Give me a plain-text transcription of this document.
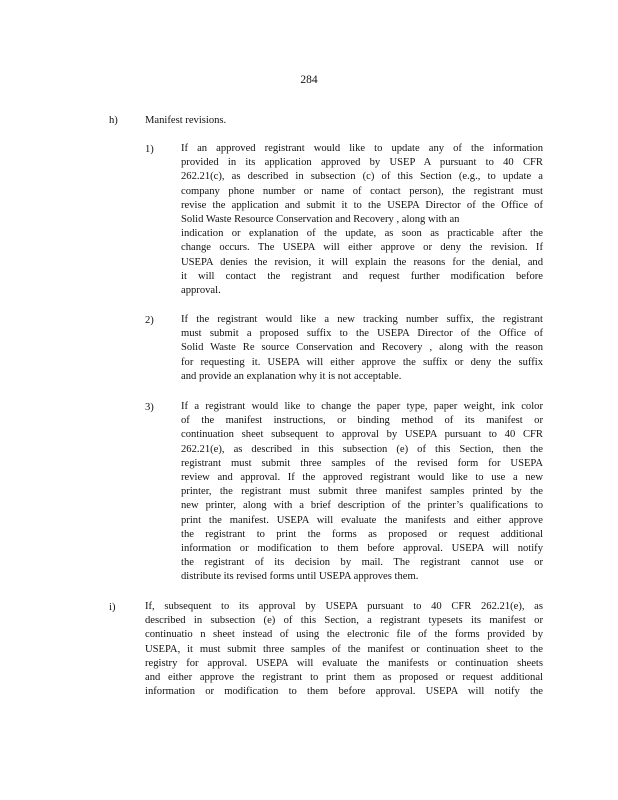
284
h)	Manifest revisions.
1)	If an approved registrant would like to update any of the information
provided in its application approved by USEP A pursuant to 40 CFR
262.21(c), as described in subsection (c) of this Section (e.g., to update a
company phone number or name of contact person), the registrant must
revise the application and submit it to the USEPA Director of the Office of
Solid Waste Resource Conservation and Recovery , along with an
indication or explanation of the update, as soon as practicable after the
change occurs. The USEPA will either approve or deny the revision. If
USEPA denies the revision, it will explain the reasons for the denial, and
it will contact the registrant and request further modification before
approval.
2)	If the registrant would like a new tracking number suffix, the registrant
must submit a proposed suffix to the USEPA Director of the Office of
Solid Waste Re source Conservation and Recovery , along with the reason
for requesting it. USEPA will either approve the suffix or deny the suffix
and provide an explanation why it is not acceptable.
3)	If a registrant would like to change the paper type, paper weight, ink color
of the manifest instructions, or binding method of its manifest or
continuation sheet subsequent to approval by USEPA pursuant to 40 CFR
262.21(e), as described in this subsection (e) of this Section, then the
registrant must submit three samples of the revised form for USEPA
review and approval. If the approved registrant would like to use a new
printer, the registrant must submit three manifest samples printed by the
new printer, along with a brief description of the printer’s qualifications to
print the manifest. USEPA will evaluate the manifests and either approve
the registrant to print the forms as proposed or request additional
information or modification to them before approval. USEPA will notify
the registrant of its decision by mail. The registrant cannot use or
distribute its revised forms until USEPA approves them.
i)	If, subsequent to its approval by USEPA pursuant to 40 CFR 262.21(e), as
described in subsection (e) of this Section, a registrant typesets its manifest or
continuatio n sheet instead of using the electronic file of the forms provided by
USEPA, it must submit three samples of the manifest or continuation sheet to the
registry for approval. USEPA will evaluate the manifests or continuation sheets
and either approve the registrant to print them as proposed or request additional
information or modification to them before approval. USEPA will notify the
